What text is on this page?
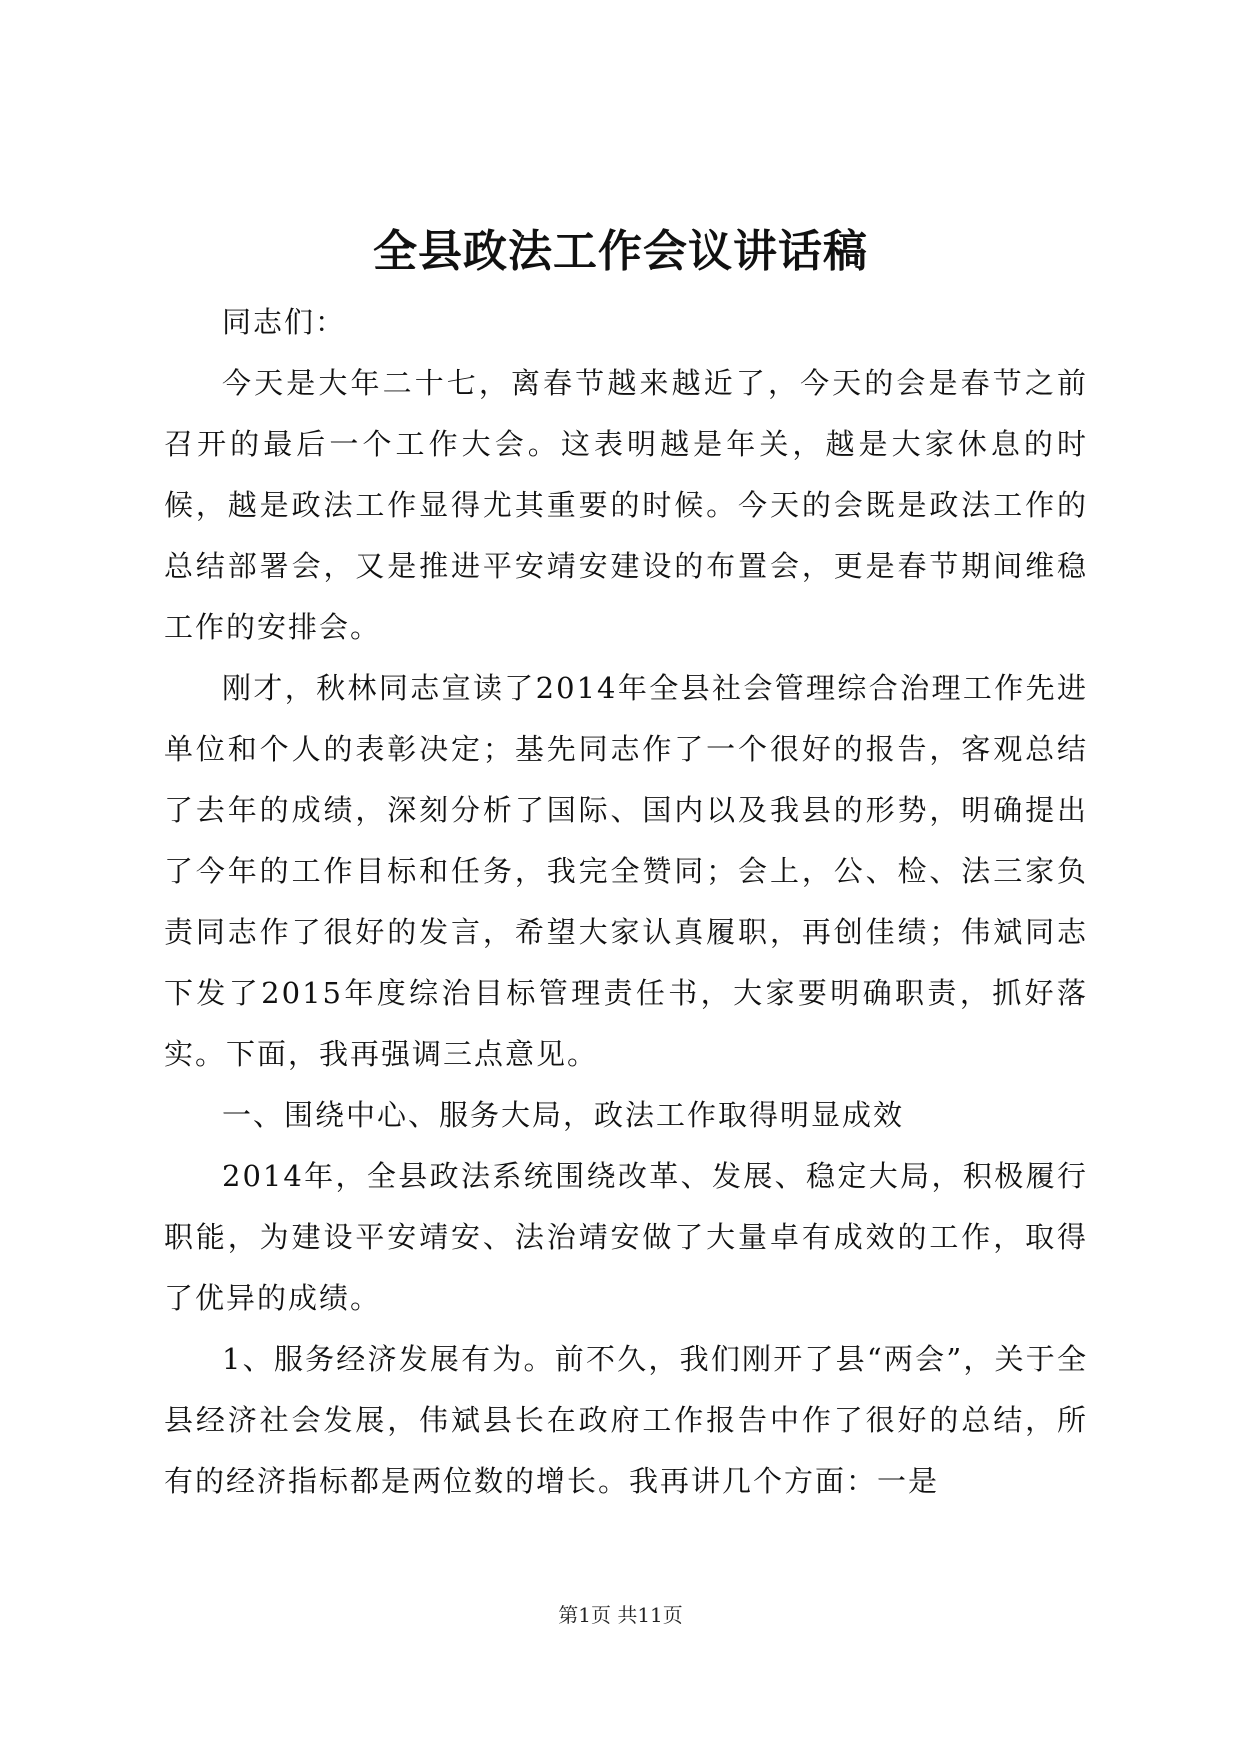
全县政法工作会议讲话稿

同志们：

今天是大年二十七，离春节越来越近了，今天的会是春节之前召开的最后一个工作大会。这表明越是年关，越是大家休息的时候，越是政法工作显得尤其重要的时候。今天的会既是政法工作的总结部署会，又是推进平安靖安建设的布置会，更是春节期间维稳工作的安排会。

刚才，秋林同志宣读了2014年全县社会管理综合治理工作先进单位和个人的表彰决定；基先同志作了一个很好的报告，客观总结了去年的成绩，深刻分析了国际、国内以及我县的形势，明确提出了今年的工作目标和任务，我完全赞同；会上，公、检、法三家负责同志作了很好的发言，希望大家认真履职，再创佳绩；伟斌同志下发了2015年度综治目标管理责任书，大家要明确职责，抓好落实。下面，我再强调三点意见。

一、围绕中心、服务大局，政法工作取得明显成效

2014年，全县政法系统围绕改革、发展、稳定大局，积极履行职能，为建设平安靖安、法治靖安做了大量卓有成效的工作，取得了优异的成绩。

1、服务经济发展有为。前不久，我们刚开了县“两会”，关于全县经济社会发展，伟斌县长在政府工作报告中作了很好的总结，所有的经济指标都是两位数的增长。我再讲几个方面：一是

第1页 共11页
